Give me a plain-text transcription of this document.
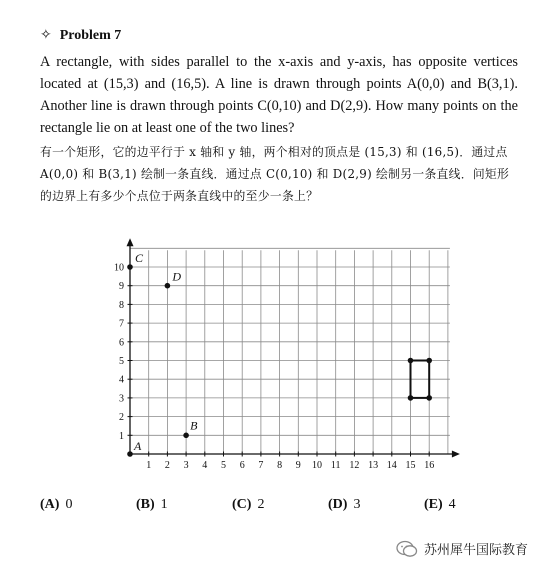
✧ Problem 7
A rectangle, with sides parallel to the x-axis and y-axis, has opposite vertices located at (15,3) and (16,5). A line is drawn through points A(0,0) and B(3,1). Another line is drawn through points C(0,10) and D(2,9). How many points on the rectangle lie on at least one of the two lines?
有一个矩形，它的边平行于 x 轴和 y 轴，两个相对的顶点是 (15,3) 和 (16,5)．通过点 A(0,0) 和 B(3,1) 绘制一条直线．通过点 C(0,10) 和 D(2,9) 绘制另一条直线．问矩形的边界上有多少个点位于两条直线中的至少一条上？
1 2 3 4 5 6 7 8 9 10 11 12 13 14 15 16
1
2
3
4
5
6
7
8
9
10
A
B
C
D
(A) 0	(B) 1	(C) 2	(D) 3	(E) 4
苏州犀牛国际教育
